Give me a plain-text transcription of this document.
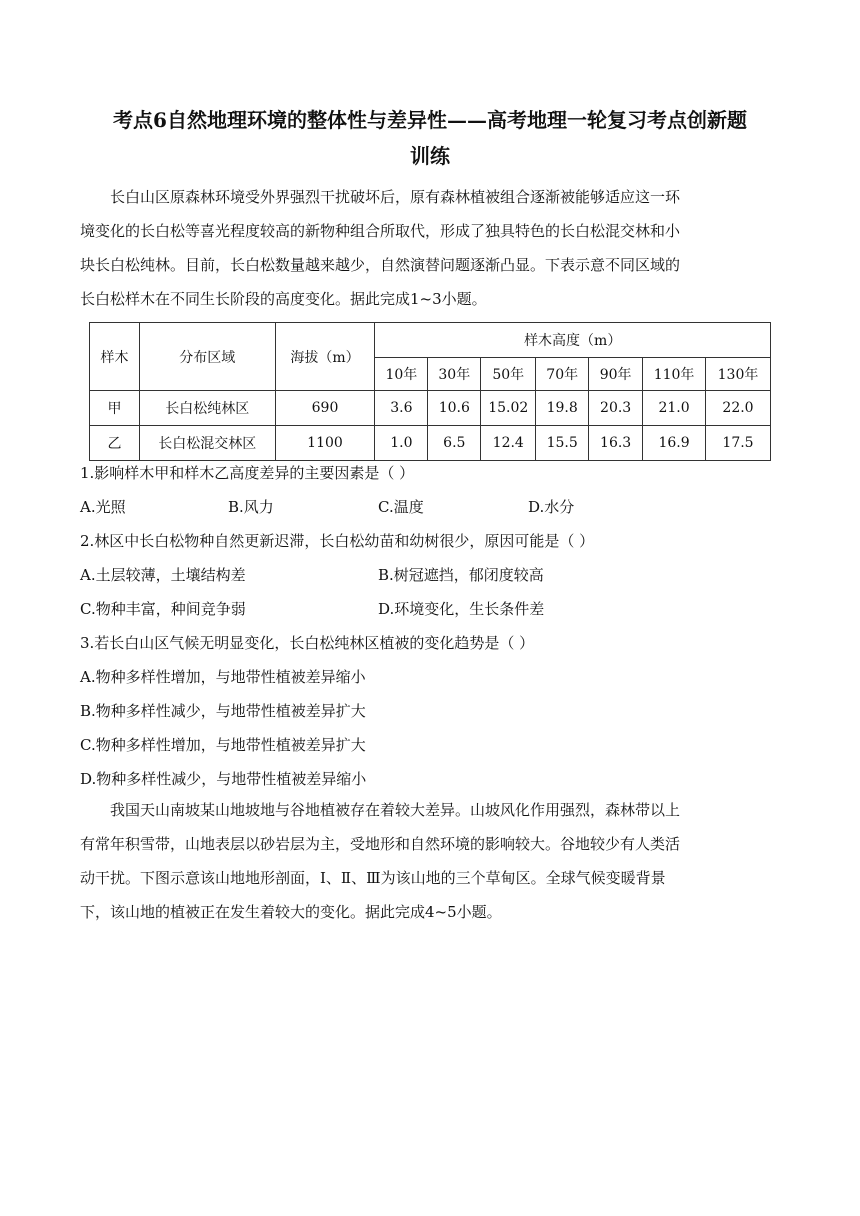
考点6自然地理环境的整体性与差异性——高考地理一轮复习考点创新题
训练
长白山区原森林环境受外界强烈干扰破坏后，原有森林植被组合逐渐被能够适应这一环
境变化的长白松等喜光程度较高的新物种组合所取代，形成了独具特色的长白松混交林和小
块长白松纯林。目前，长白松数量越来越少，自然演替问题逐渐凸显。下表示意不同区域的
长白松样木在不同生长阶段的高度变化。据此完成1~3小题。
样木	分布区域	海拔（m）	样木高度（m）						
			10年	30年	50年	70年	90年	110年	130年
甲	长白松纯林区	690	3.6	10.6	15.02	19.8	20.3	21.0	22.0
乙	长白松混交林区	1100	1.0	6.5	12.4	15.5	16.3	16.9	17.5
1.影响样木甲和样木乙高度差异的主要因素是（ ）
A.光照	B.风力	C.温度	D.水分
2.林区中长白松物种自然更新迟滞，长白松幼苗和幼树很少，原因可能是（ ）
A.土层较薄，土壤结构差	B.树冠遮挡，郁闭度较高
C.物种丰富，种间竞争弱	D.环境变化，生长条件差
3.若长白山区气候无明显变化，长白松纯林区植被的变化趋势是（ ）
A.物种多样性增加，与地带性植被差异缩小
B.物种多样性减少，与地带性植被差异扩大
C.物种多样性增加，与地带性植被差异扩大
D.物种多样性减少，与地带性植被差异缩小
我国天山南坡某山地坡地与谷地植被存在着较大差异。山坡风化作用强烈，森林带以上
有常年积雪带，山地表层以砂岩层为主，受地形和自然环境的影响较大。谷地较少有人类活
动干扰。下图示意该山地地形剖面，Ⅰ、Ⅱ、Ⅲ为该山地的三个草甸区。全球气候变暖背景
下，该山地的植被正在发生着较大的变化。据此完成4~5小题。
